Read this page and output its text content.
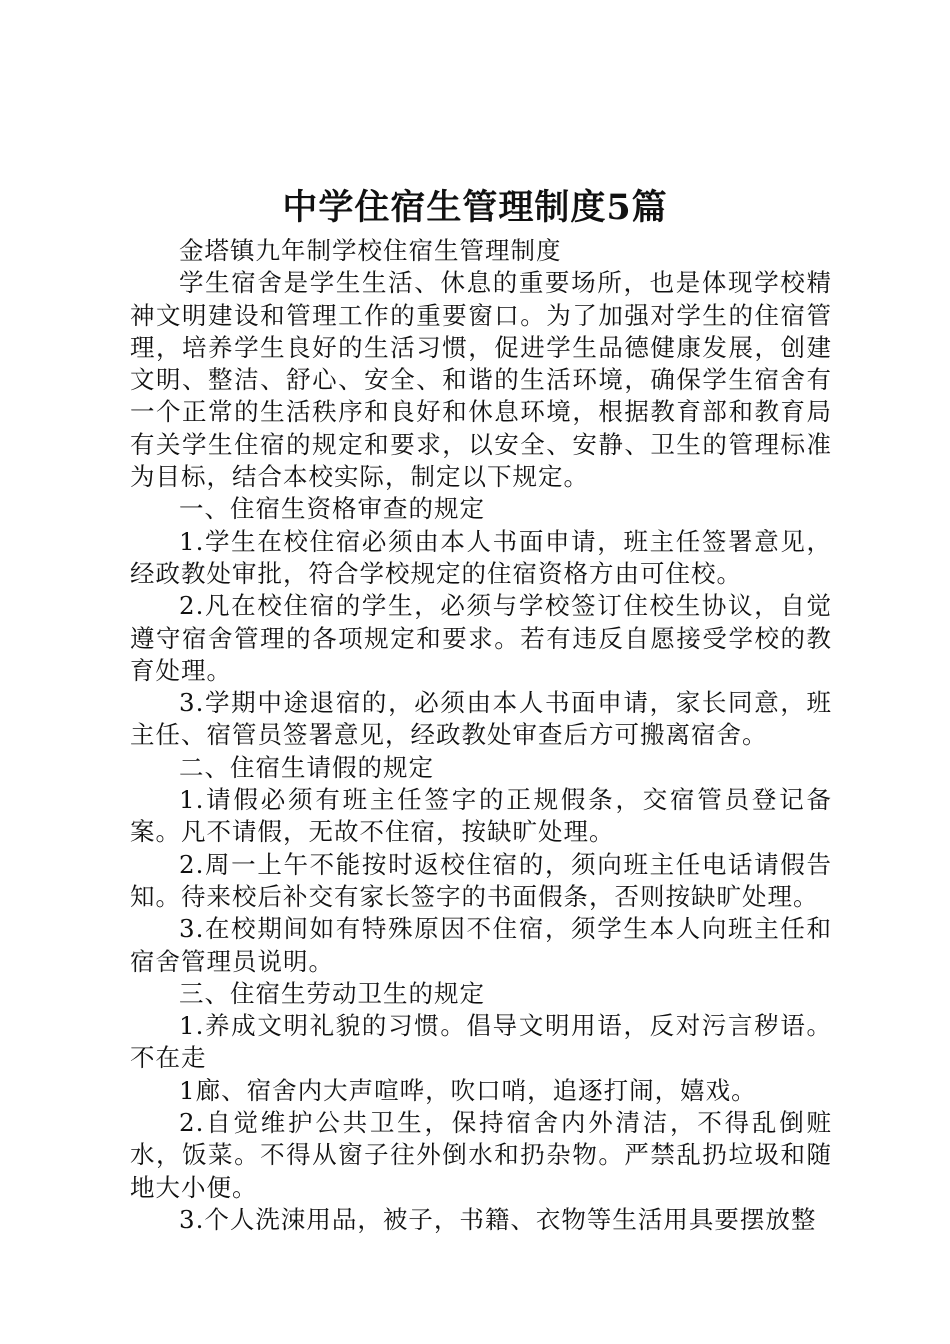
中学住宿生管理制度5篇

金塔镇九年制学校住宿生管理制度

学生宿舍是学生生活、休息的重要场所，也是体现学校精神文明建设和管理工作的重要窗口。为了加强对学生的住宿管理，培养学生良好的生活习惯，促进学生品德健康发展，创建文明、整洁、舒心、安全、和谐的生活环境，确保学生宿舍有一个正常的生活秩序和良好和休息环境，根据教育部和教育局有关学生住宿的规定和要求，以安全、安静、卫生的管理标准为目标，结合本校实际，制定以下规定。

一、住宿生资格审查的规定

1.学生在校住宿必须由本人书面申请，班主任签署意见，经政教处审批，符合学校规定的住宿资格方由可住校。

2.凡在校住宿的学生，必须与学校签订住校生协议，自觉遵守宿舍管理的各项规定和要求。若有违反自愿接受学校的教育处理。

3.学期中途退宿的，必须由本人书面申请，家长同意，班主任、宿管员签署意见，经政教处审查后方可搬离宿舍。

二、住宿生请假的规定

1.请假必须有班主任签字的正规假条，交宿管员登记备案。凡不请假，无故不住宿，按缺旷处理。

2.周一上午不能按时返校住宿的，须向班主任电话请假告知。待来校后补交有家长签字的书面假条，否则按缺旷处理。

3.在校期间如有特殊原因不住宿，须学生本人向班主任和宿舍管理员说明。

三、住宿生劳动卫生的规定

1.养成文明礼貌的习惯。倡导文明用语，反对污言秽语。不在走

1廊、宿舍内大声喧哗，吹口哨，追逐打闹，嬉戏。

2.自觉维护公共卫生，保持宿舍内外清洁，不得乱倒赃水，饭菜。不得从窗子往外倒水和扔杂物。严禁乱扔垃圾和随地大小便。

3.个人洗涑用品，被子，书籍、衣物等生活用具要摆放整
